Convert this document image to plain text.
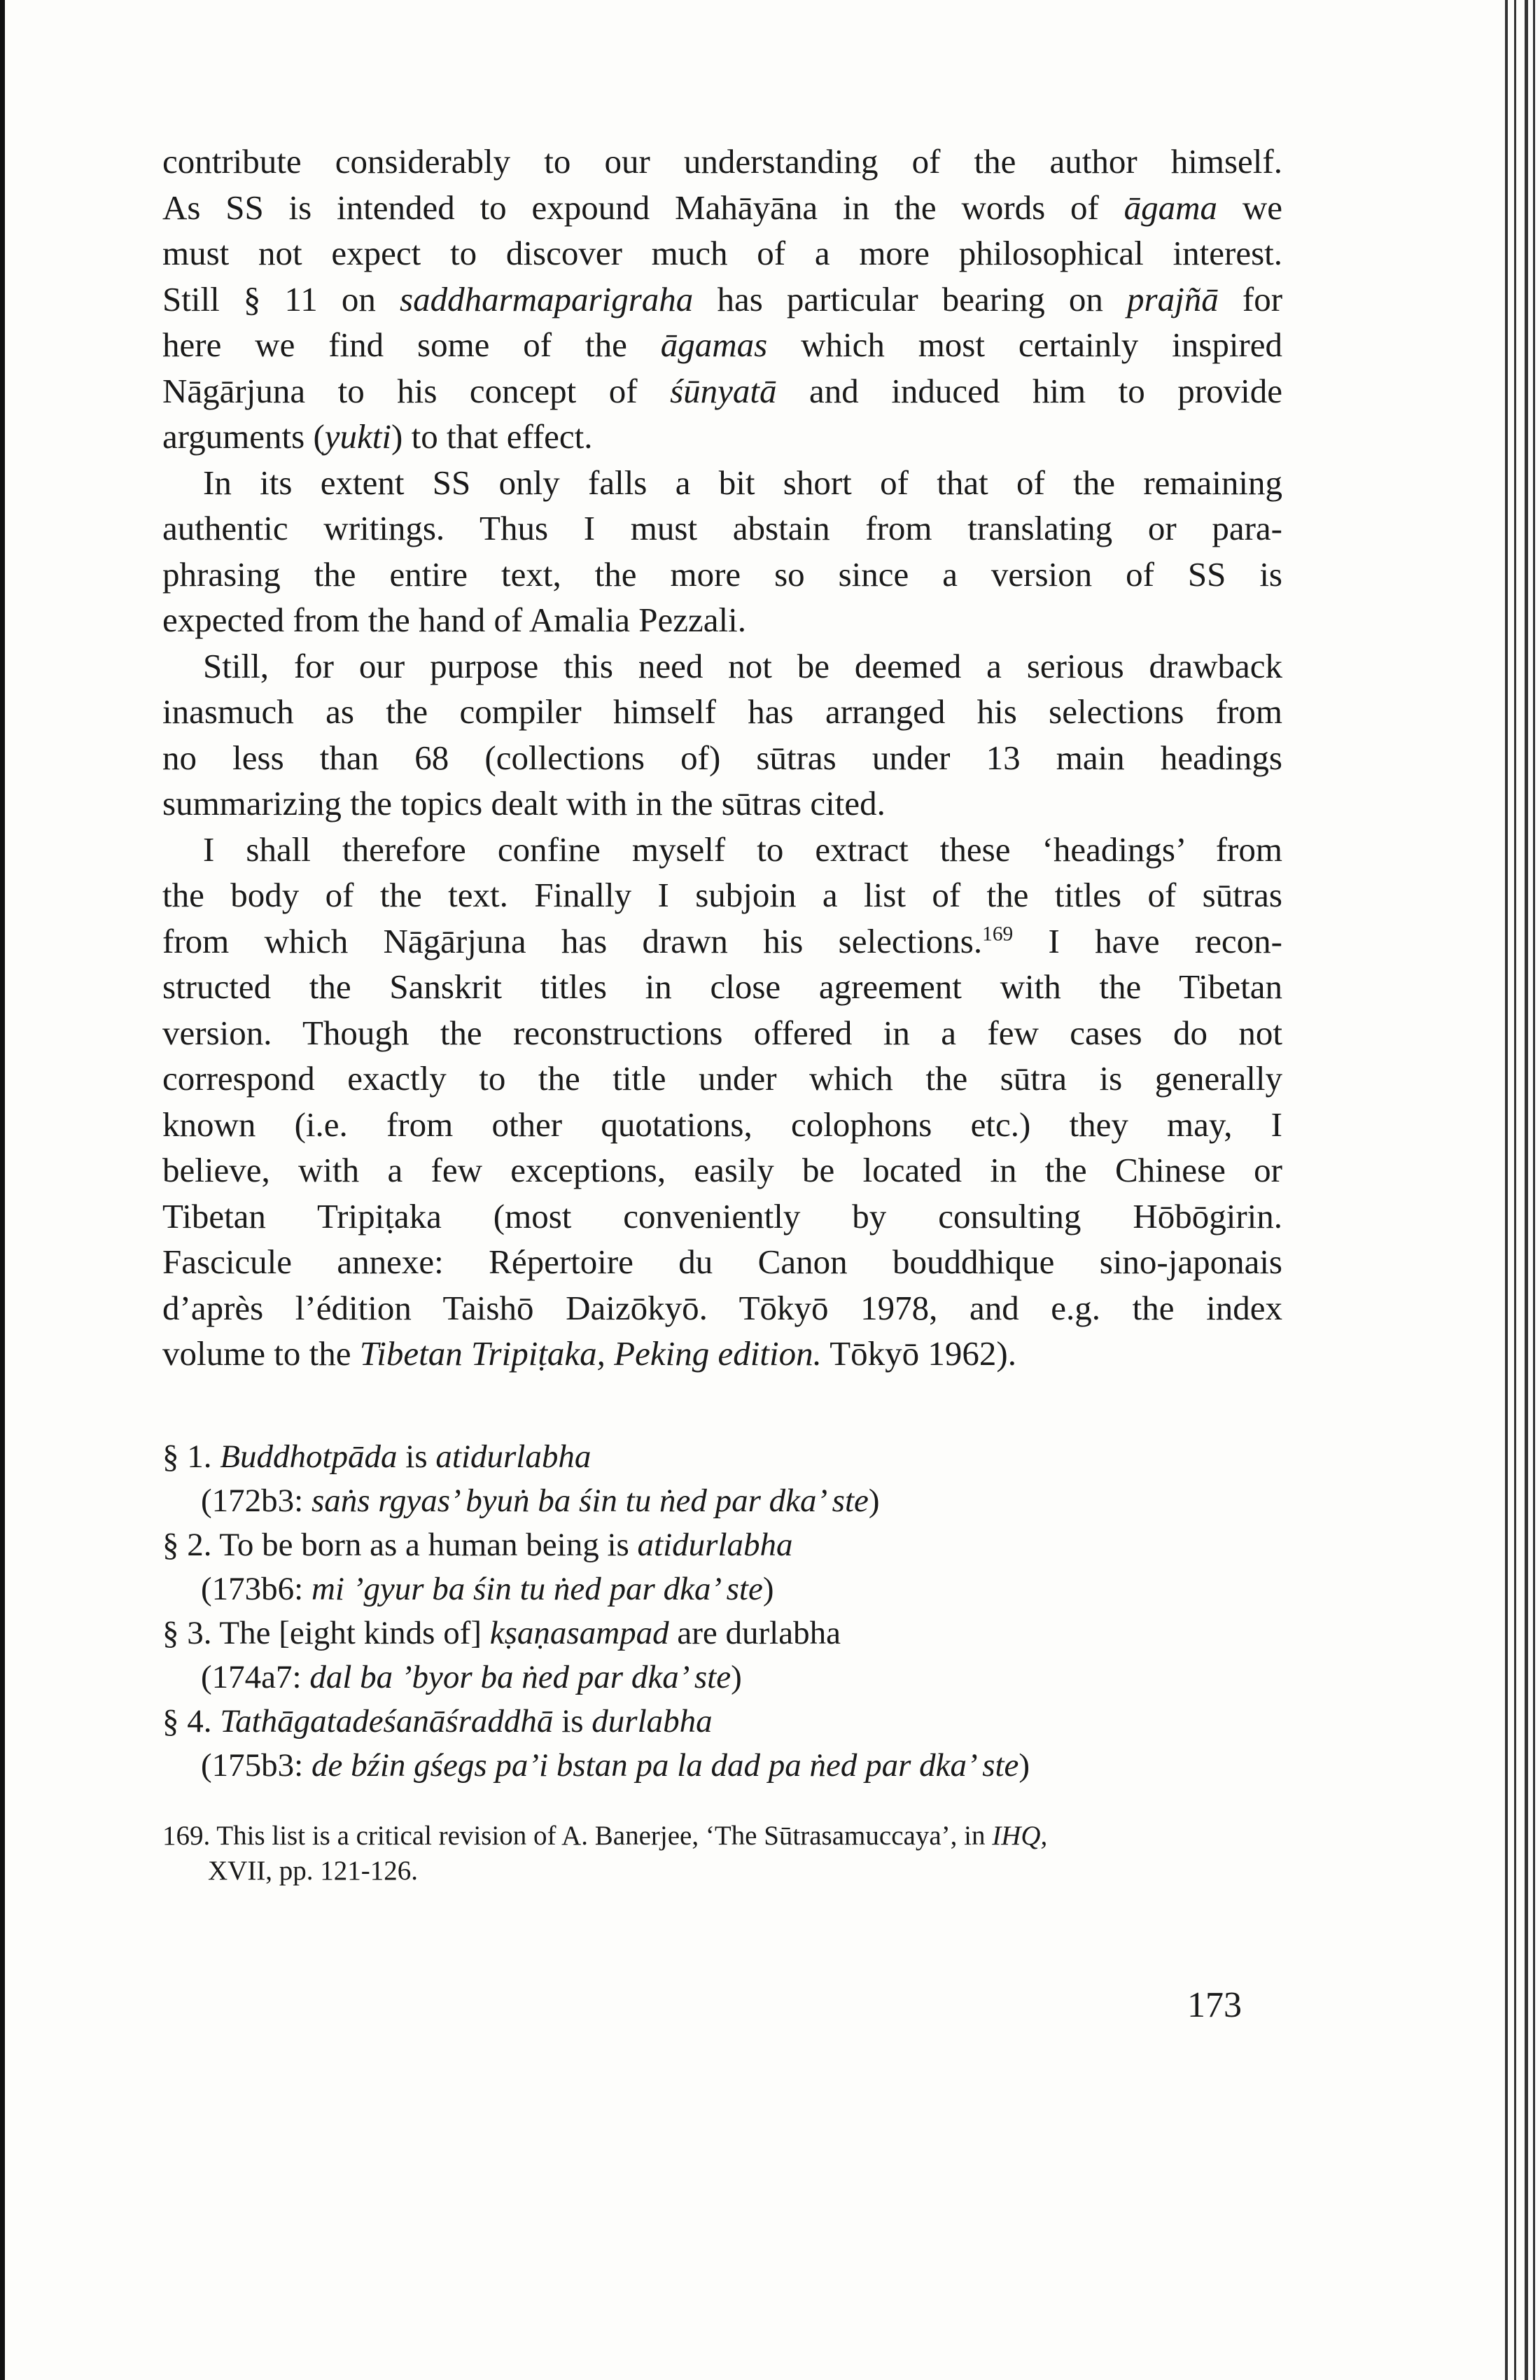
contribute considerably to our understanding of the author himself.
As SS is intended to expound Mahāyāna in the words of āgama we
must not expect to discover much of a more philosophical interest.
Still § 11 on saddharmaparigraha has particular bearing on prajñā for
here we find some of the āgamas which most certainly inspired
Nāgārjuna to his concept of śūnyatā and induced him to provide
arguments (yukti) to that effect.

In its extent SS only falls a bit short of that of the remaining
authentic writings. Thus I must abstain from translating or para-
phrasing the entire text, the more so since a version of SS is
expected from the hand of Amalia Pezzali.

Still, for our purpose this need not be deemed a serious drawback
inasmuch as the compiler himself has arranged his selections from
no less than 68 (collections of) sūtras under 13 main headings
summarizing the topics dealt with in the sūtras cited.

I shall therefore confine myself to extract these ‘headings’ from
the body of the text. Finally I subjoin a list of the titles of sūtras
from which Nāgārjuna has drawn his selections.$^{169}$ I have recon-
structed the Sanskrit titles in close agreement with the Tibetan
version. Though the reconstructions offered in a few cases do not
correspond exactly to the title under which the sūtra is generally
known (i.e. from other quotations, colophons etc.) they may, I
believe, with a few exceptions, easily be located in the Chinese or
Tibetan Tripiṭaka (most conveniently by consulting Hōbōgirin.
Fascicule annexe: Répertoire du Canon bouddhique sino-japonais
d’après l’édition Taishō Daizōkyō. Tōkyō 1978, and e.g. the index
volume to the Tibetan Tripiṭaka, Peking edition. Tōkyō 1962).

§ 1. Buddhotpāda is atidurlabha
(172b3: saṅs rgyas’ byuṅ ba śin tu ṅed par dka’ ste)
§ 2. To be born as a human being is atidurlabha
(173b6: mi ’gyur ba śin tu ṅed par dka’ ste)
§ 3. The [eight kinds of] kṣaṇasampad are durlabha
(174a7: dal ba ’byor ba ṅed par dka’ ste)
§ 4. Tathāgatadeśanāśraddhā is durlabha
(175b3: de bźin gśegs pa’i bstan pa la dad pa ṅed par dka’ ste)
169. This list is a critical revision of A. Banerjee, ‘The Sūtrasamuccaya’, in IHQ,
XVII, pp. 121-126.
173
